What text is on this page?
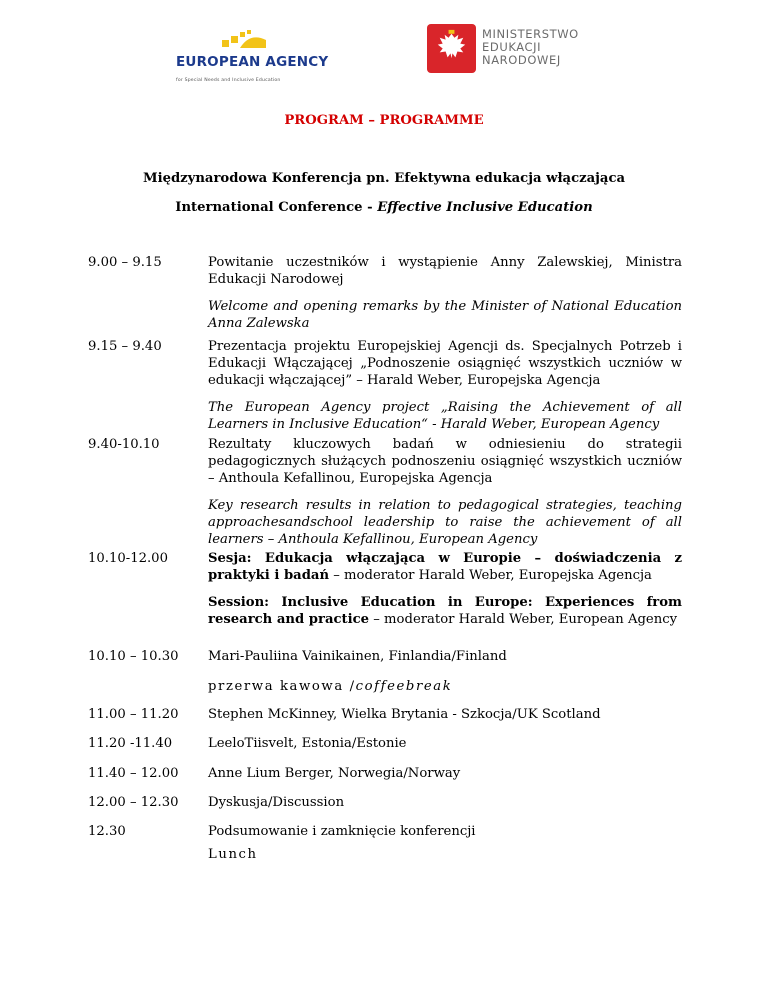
EUROPEAN AGENCY
for Special Needs and Inclusive Education
MINISTERSTWO
EDUKACJI
NARODOWEJ
PROGRAM – PROGRAMME
Międzynarodowa Konferencja pn. Efektywna edukacja włączająca
International Conference - Effective Inclusive Education
9.00 – 9.15	Powitanie uczestników i wystąpienie Anny Zalewskiej, Ministra Edukacji Narodowej

Welcome and opening remarks by the Minister of National Education Anna Zalewska

9.15 – 9.40	Prezentacja projektu Europejskiej Agencji ds. Specjalnych Potrzeb i Edukacji Włączającej „Podnoszenie osiągnięć wszystkich uczniów w edukacji włączającej” – Harald Weber, Europejska Agencja

The European Agency project „Raising the Achievement of all Learners in Inclusive Education“ - Harald Weber, European Agency

9.40-10.10	Rezultaty kluczowych badań w odniesieniu do strategii pedagogicznych służących podnoszeniu osiągnięć wszystkich uczniów – Anthoula Kefallinou, Europejska Agencja

Key research results in relation to pedagogical strategies, teaching approachesandschool leadership to raise the achievement of all learners – Anthoula Kefallinou, European Agency

10.10-12.00	Sesja: Edukacja włączająca w Europie – doświadczenia z praktyki i badań – moderator Harald Weber, Europejska Agencja

Session: Inclusive Education in Europe: Experiences from research and practice – moderator Harald Weber, European Agency

10.10 – 10.30	Mari-Pauliina Vainikainen, Finlandia/Finland
przerwa kawowa /coffeebreak
11.00 – 11.20	Stephen McKinney, Wielka Brytania - Szkocja/UK Scotland
11.20 -11.40	LeeloTiisvelt, Estonia/Estonie
11.40 – 12.00	Anne Lium Berger, Norwegia/Norway
12.00 – 12.30	Dyskusja/Discussion
12.30	Podsumowanie i zamknięcie konferencji
Lunch
